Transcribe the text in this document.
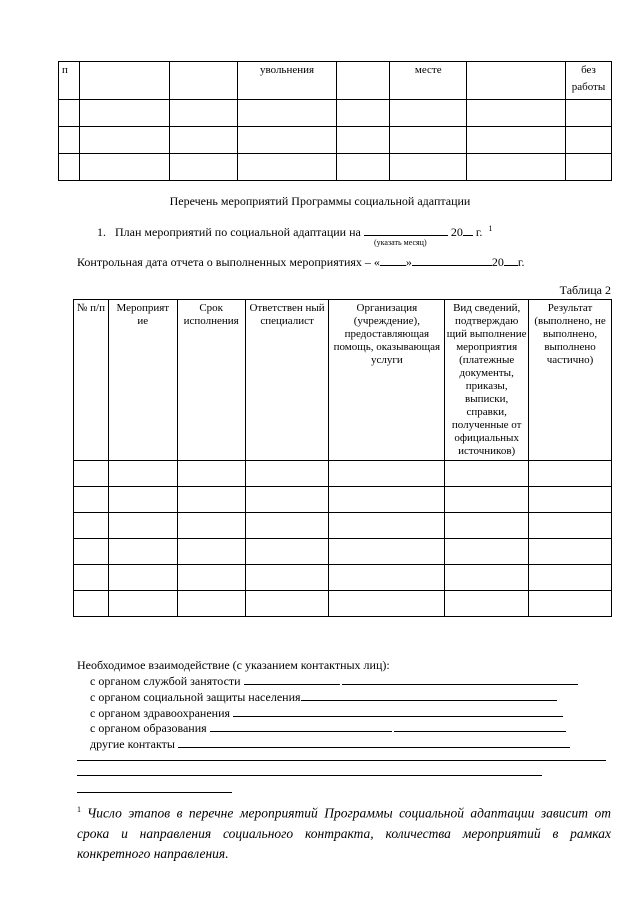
п			увольнения		месте		без работы

Перечень мероприятий Программы социальной адаптации
1. План мероприятий по социальной адаптации на	20 г. $^1$
(указать месяц)
Контрольная дата отчета о выполненных мероприятиях – « »	20 г.
Таблица 2
№ п/п	Мероприят ие	Срок исполнения	Ответствен ный специалист	Организация (учреждение), предоставляющая помощь, оказывающая услуги	Вид сведений, подтверждаю щий выполнение мероприятия (платежные документы, приказы, выписки, справки, полученные от официальных источников)	Результат (выполнено, не выполнено, выполнено частично)

Необходимое взаимодействие (с указанием контактных лиц):
с органом службой занятости
с органом социальной защиты населения
с органом здравоохранения
с органом образования
другие контакты
$^1$ Число этапов в перечне мероприятий Программы социальной адаптации зависит от срока и направления социального контракта, количества мероприятий в рамках конкретного направления.
